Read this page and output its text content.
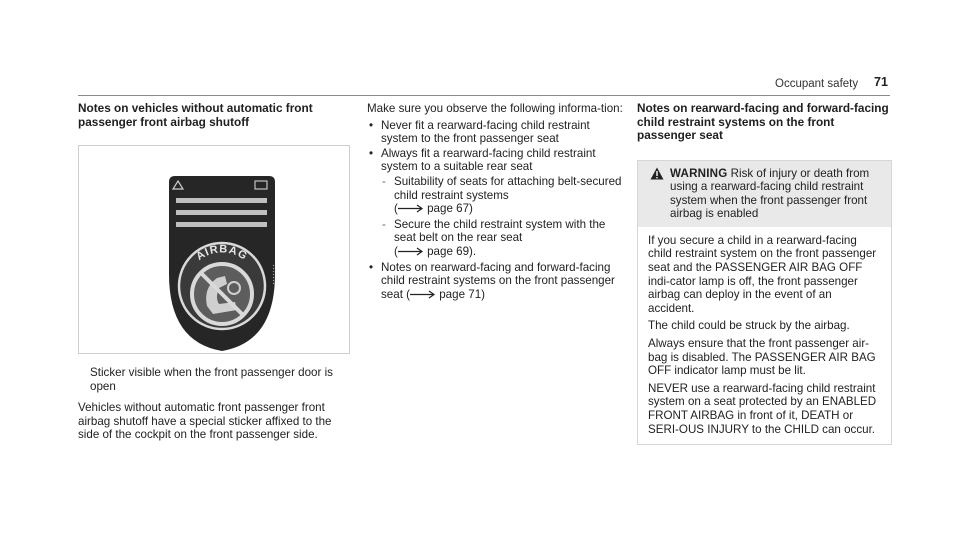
Occupant safety 71

Notes on vehicles without automatic front passenger front airbag shutoff

AIRBAG
▪▪▪▪▪▪▪
Sticker visible when the front passenger door is open
Vehicles without automatic front passenger front airbag shutoff have a special sticker affixed to the side of the cockpit on the front passenger side.
Make sure you observe the following informa-tion:
• Never fit a rearward-facing child restraint system to the front passenger seat
• Always fit a rearward-facing child restraint system to a suitable rear seat
- Suitability of seats for attaching belt-secured child restraint systems
(	page 67)
- Secure the child restraint system with the seat belt on the rear seat
(	page 69).
• Notes on rearward-facing and forward-facing child restraint systems on the front passenger seat (	page 71)

Notes on rearward-facing and forward-facing child restraint systems on the front passenger seat

WARNING Risk of injury or death from using a rearward-facing child restraint system when the front passenger front airbag is enabled

If you secure a child in a rearward-facing child restraint system on the front passenger seat and the PASSENGER AIR BAG OFF indi-cator lamp is off, the front passenger airbag can deploy in the event of an accident.

The child could be struck by the airbag.

Always ensure that the front passenger air-bag is disabled. The PASSENGER AIR BAG OFF indicator lamp must be lit.

NEVER use a rearward-facing child restraint system on a seat protected by an ENABLED FRONT AIRBAG in front of it, DEATH or SERI-OUS INJURY to the CHILD can occur.
